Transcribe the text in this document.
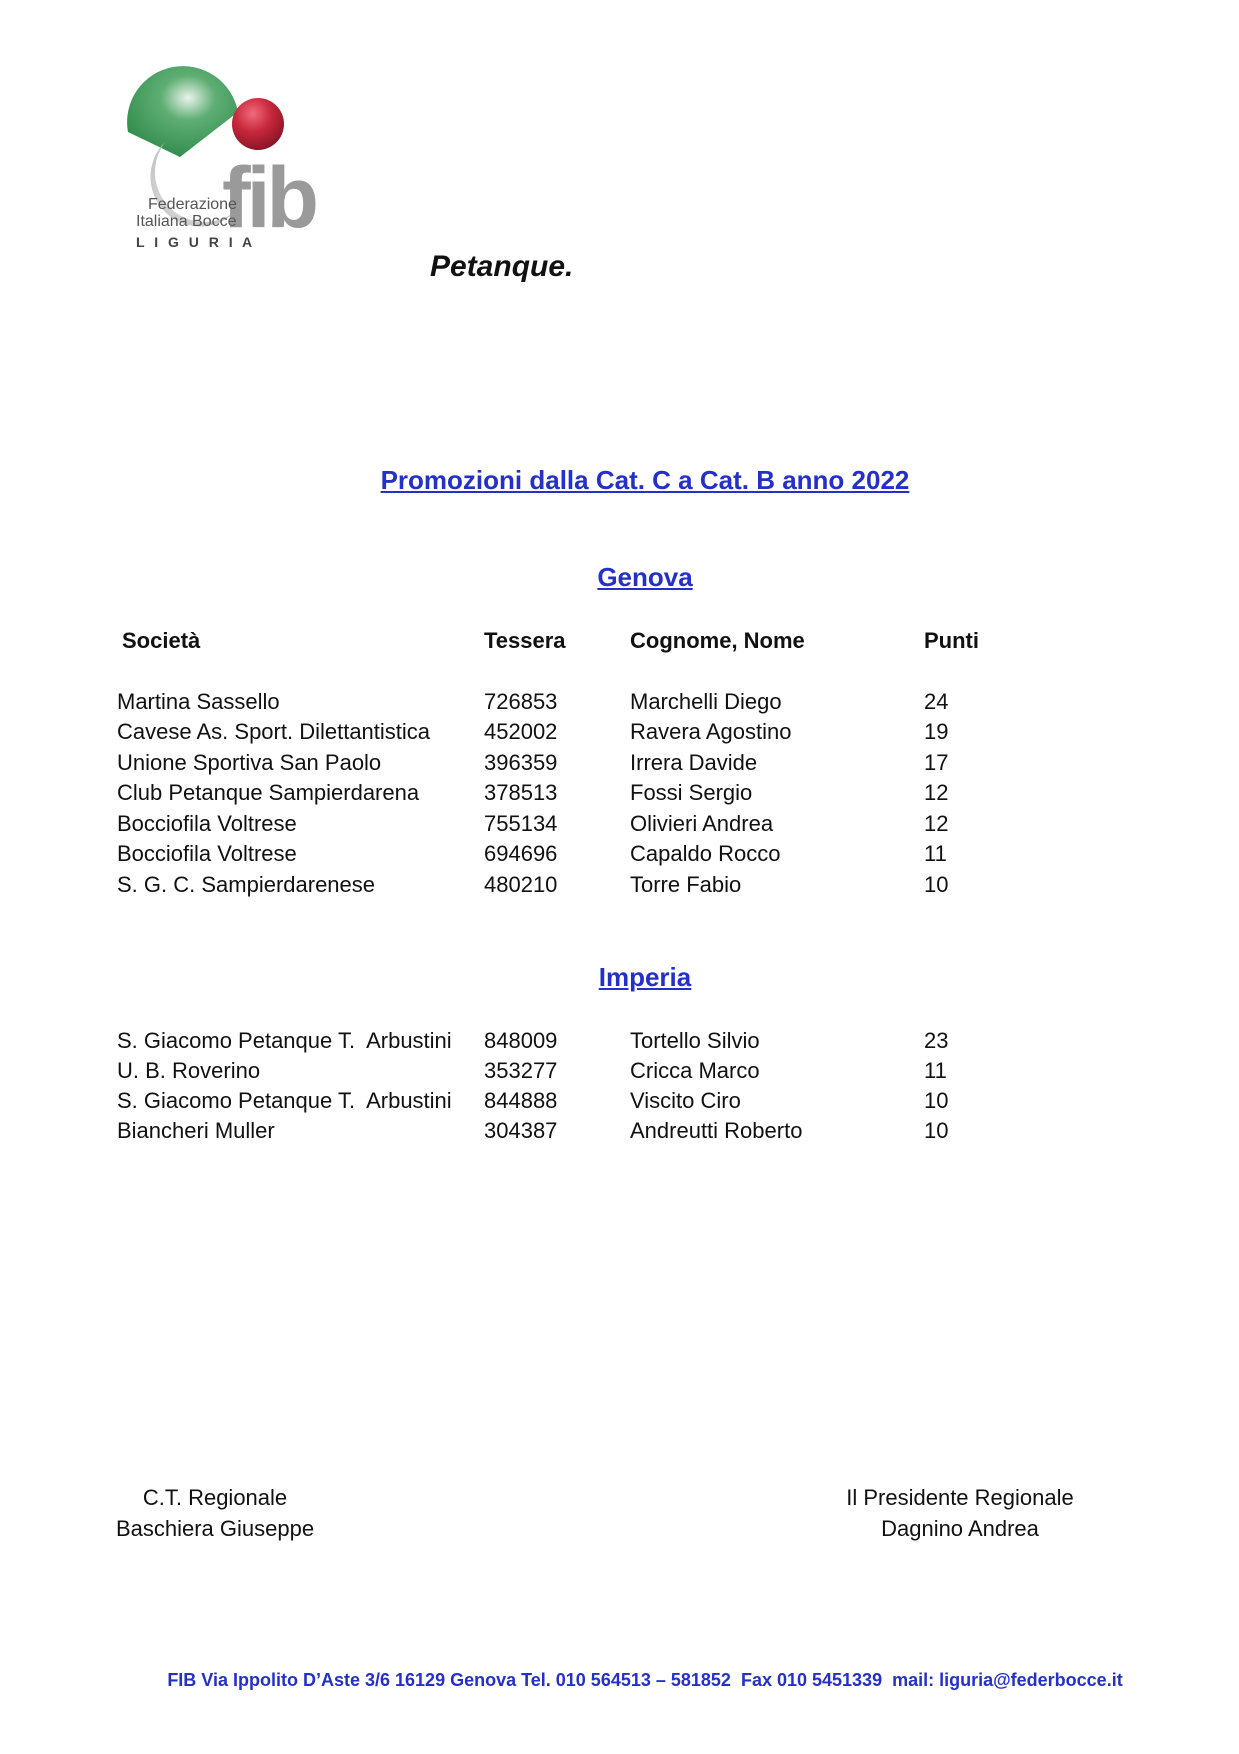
fib
Federazione
Italiana Bocce
L I G U R I A
Petanque.
Promozioni dalla Cat. C a Cat. B anno 2022
Genova
Società	Tessera	Cognome, Nome	Punti
Martina Sassello	726853	Marchelli Diego	24
Cavese As. Sport. Dilettantistica 452002	Ravera Agostino	19
Unione Sportiva San Paolo	396359	Irrera Davide	17
Club Petanque Sampierdarena	378513	Fossi Sergio	12
Bocciofila Voltrese	755134	Olivieri Andrea	12
Bocciofila Voltrese	694696	Capaldo Rocco	11
S. G. C. Sampierdarenese	480210	Torre Fabio	10
Imperia
S. Giacomo Petanque T.  Arbustini 848009	Tortello Silvio	23
U. B. Roverino	353277	Cricca Marco	11
S. Giacomo Petanque T.  Arbustini 844888	Viscito Ciro	10
Biancheri Muller	304387	Andreutti Roberto	10
C.T. Regionale
Baschiera Giuseppe
Il Presidente Regionale
Dagnino Andrea
FIB Via Ippolito D’Aste 3/6 16129 Genova Tel. 010 564513 – 581852  Fax 010 5451339  mail: liguria@federbocce.it
